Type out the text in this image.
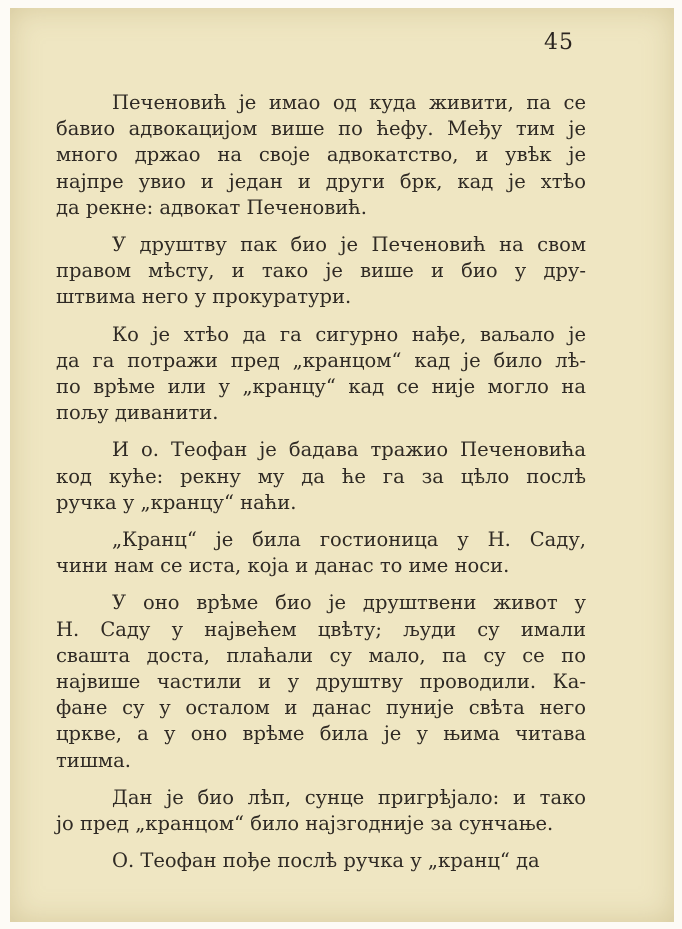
45
Печеновић је имао од куда живити, па се
бавио адвокацијом више по ћефу. Међу тим је
много држао на своје адвокатство, и увѣк је
најпре увио и један и други брк, кад је хтѣо
да рекне: адвокат Печеновић.
У друштву пак био је Печеновић на свом
правом мѣсту, и тако је више и био у дру-
штвима него у прокуратури.
Ко је хтѣо да га сигурно нађе, ваљало је
да га потражи пред „кранцом“ кад је било лѣ-
по врѣме или у „кранцу“ кад се није могло на
пољу диванити.
И о. Теофан је бадава тражио Печеновића
код куће: рекну му да ће га за цѣло послѣ
ручка у „кранцу“ наћи.
„Кранц“ је била гостионица у Н. Саду,
чини нам се иста, која и данас то име носи.
У оно врѣме био је друштвени живот у
Н. Саду у највећем цвѣту; људи су имали
свашта доста, плаћали су мало, па су се по
највише частили и у друштву проводили. Ка-
фане су у осталом и данас пуније свѣта него
цркве, а у оно врѣме била је у њима читава
тишма.
Дан је био лѣп, сунце пригрѣјало: и тако
јо пред „кранцом“ било најзгодније за сунчање.
О. Теофан пође послѣ ручка у „кранц“ да
